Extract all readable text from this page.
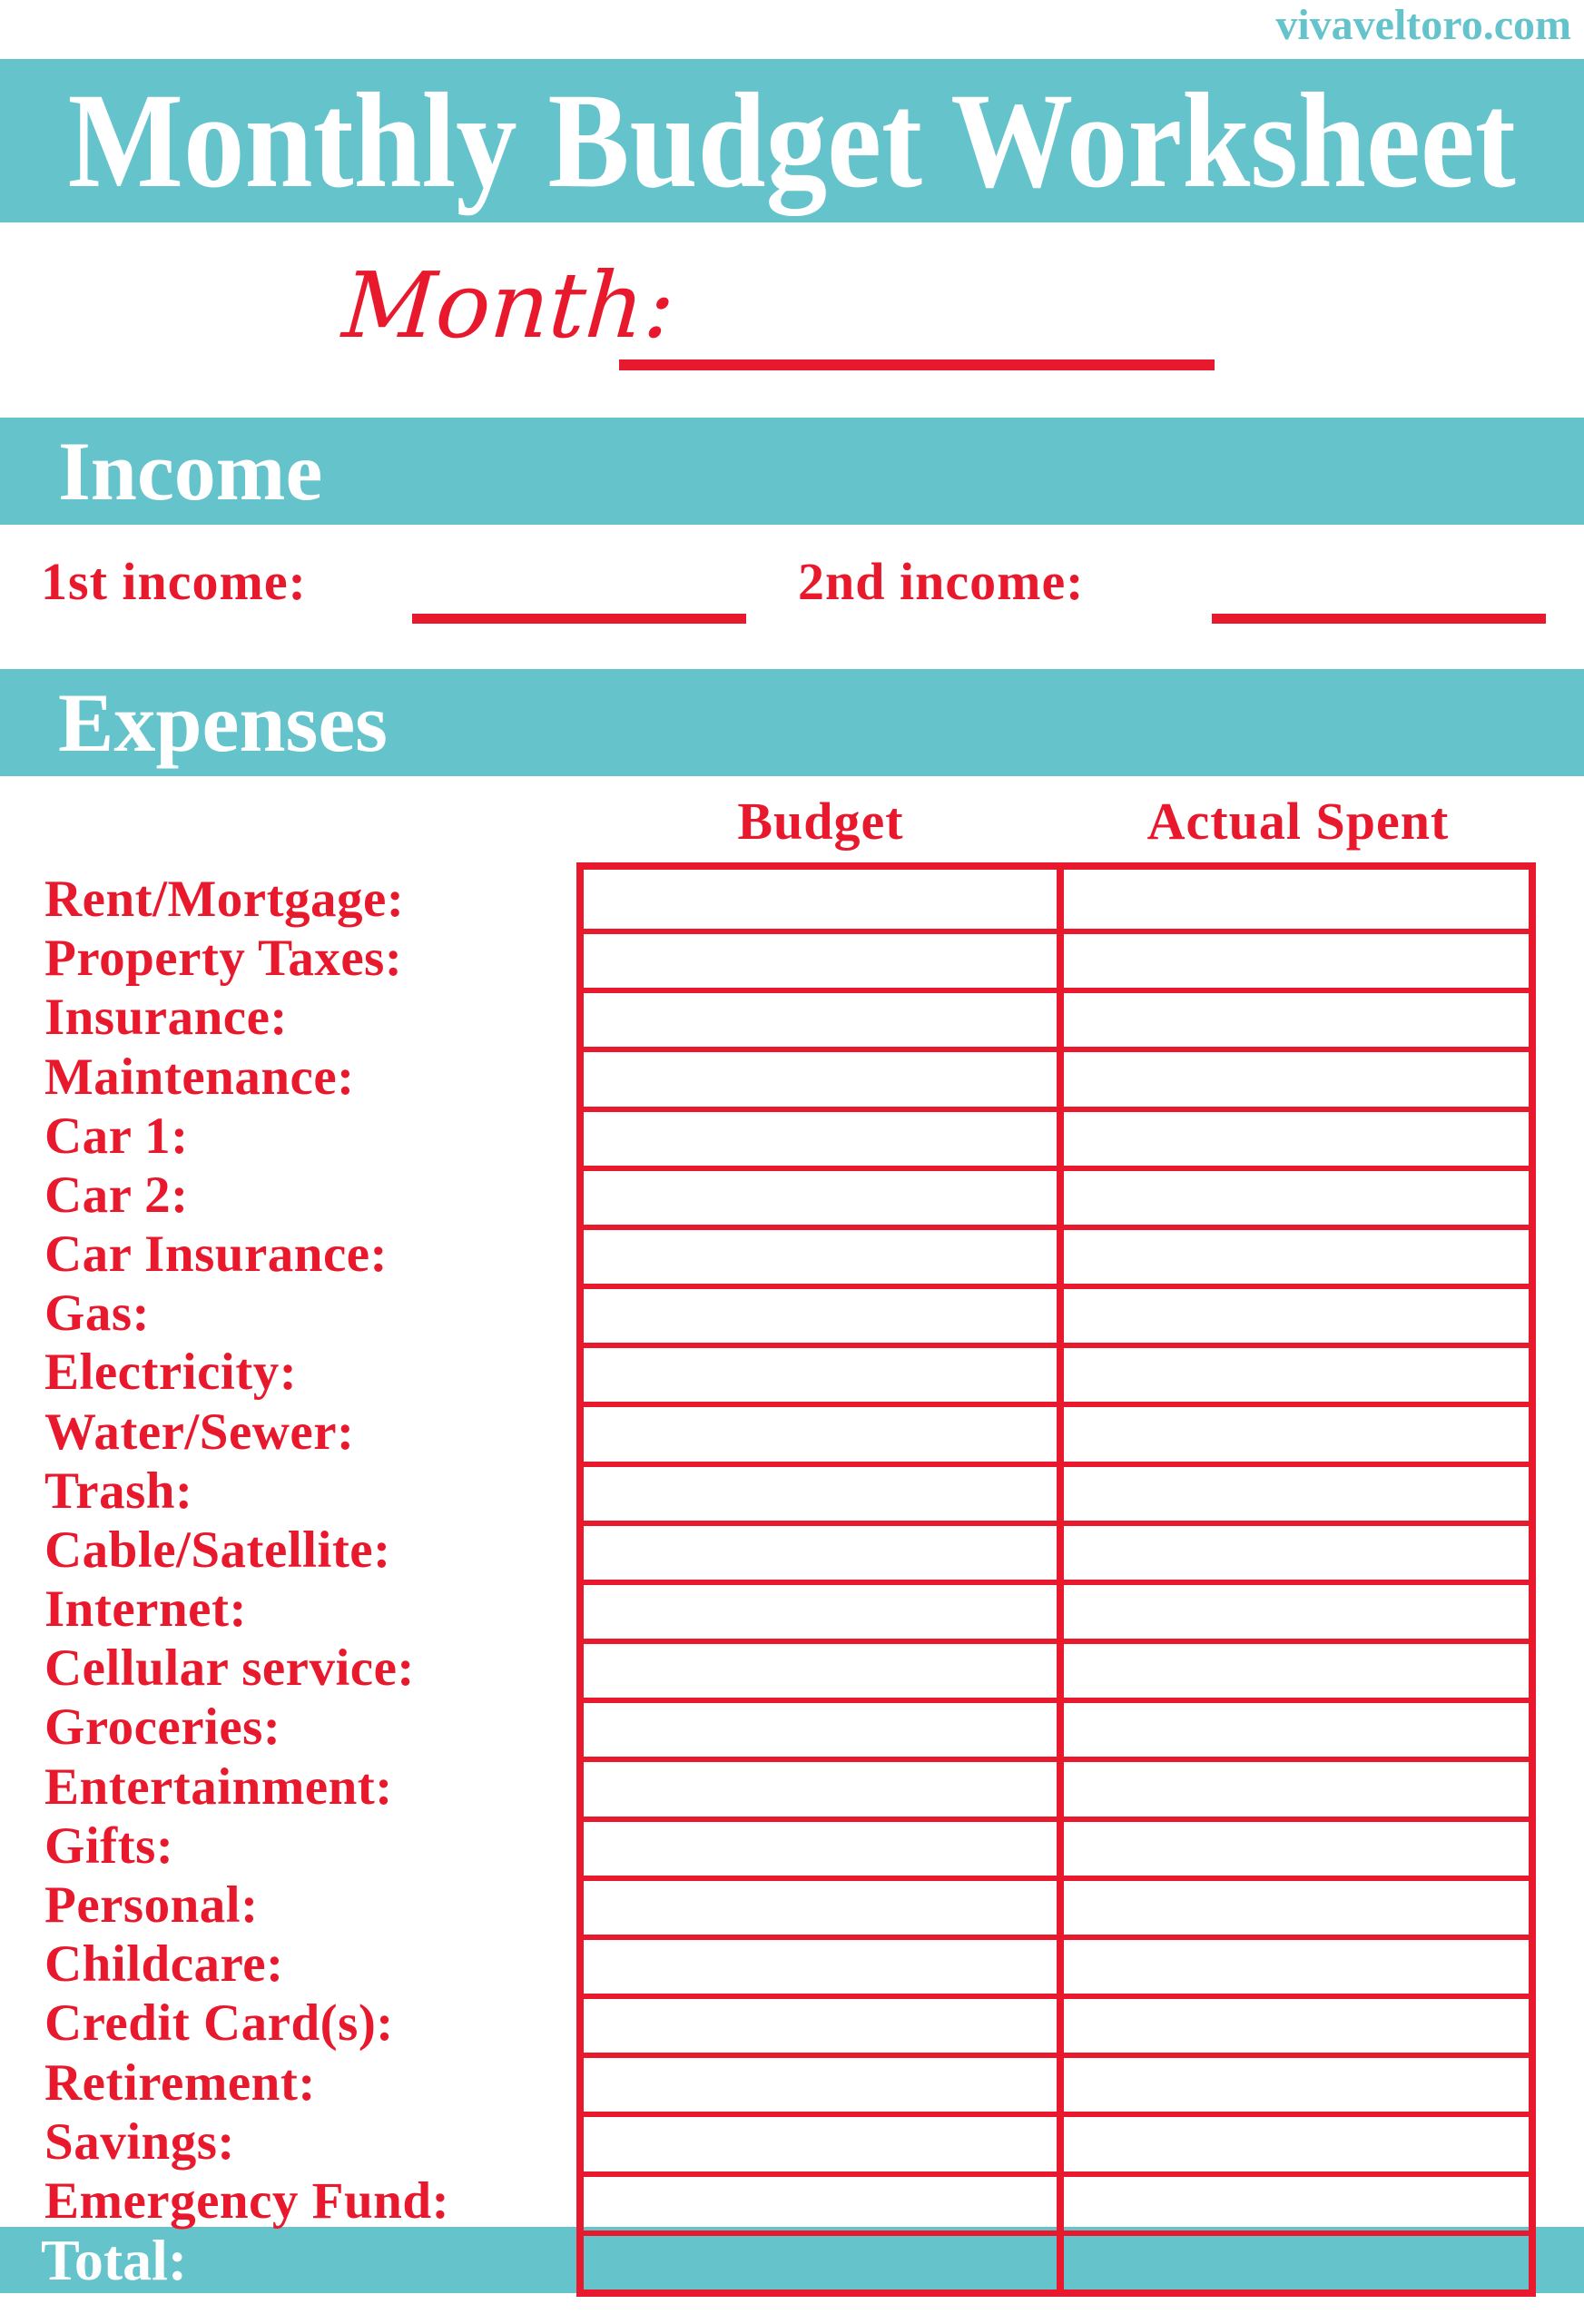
vivaveltoro.com
Monthly Budget Worksheet
Month:
Income
1st income:	2nd income:
Expenses
Budget	Actual Spent
Total:
Rent/Mortgage:
Property Taxes:
Insurance:
Maintenance:
Car 1:
Car 2:
Car Insurance:
Gas:
Electricity:
Water/Sewer:
Trash:
Cable/Satellite:
Internet:
Cellular service:
Groceries:
Entertainment:
Gifts:
Personal:
Childcare:
Credit Card(s):
Retirement:
Savings:
Emergency Fund:
